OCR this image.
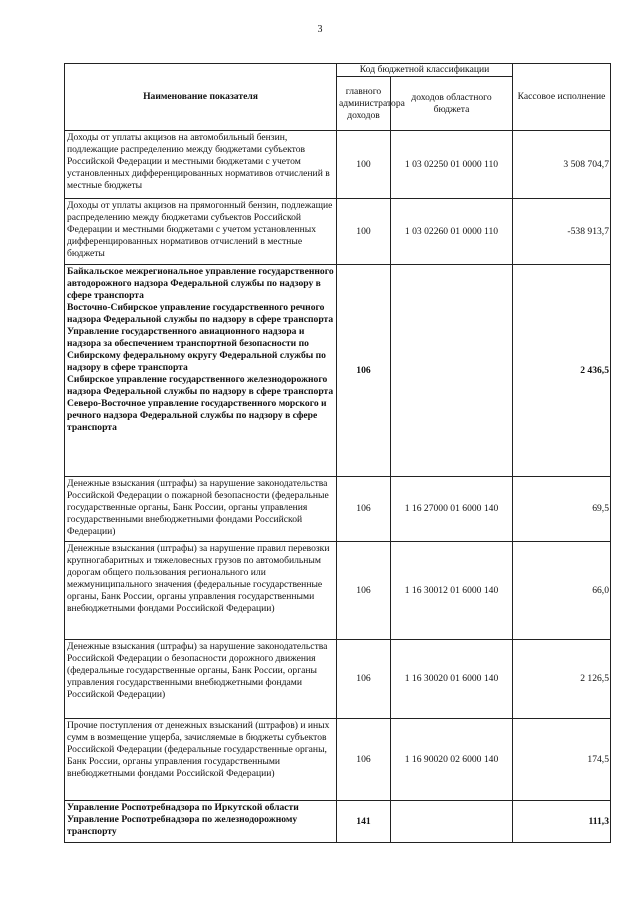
3
Наименование показателя	Код бюджетной классификации		Кассовое исполнение
	главного администратора доходов	доходов областного бюджета	
Доходы от уплаты акцизов на автомобильный бензин, подлежащие распределению между бюджетами субъектов Российской Федерации и местными бюджетами с учетом установленных дифференцированных нормативов отчислений в местные бюджеты	100	1 03 02250 01 0000 110	3 508 704,7
Доходы от уплаты акцизов на прямогонный бензин, подлежащие распределению между бюджетами субъектов Российской Федерации и местными бюджетами с учетом установленных дифференцированных нормативов отчислений в местные бюджеты	100	1 03 02260 01 0000 110	-538 913,7

Байкальское межрегиональное управление государственного автодорожного надзора Федеральной службы по надзору в сфере транспорта
Восточно-Сибирское управление государственного речного надзора Федеральной службы по надзору в сфере транспорта
Управление государственного авиационного надзора и надзора за обеспечением транспортной безопасности по Сибирскому федеральному округу Федеральной службы по надзору в сфере транспорта
Сибирское управление государственного железнодорожного надзора Федеральной службы по надзору в сфере транспорта
Северо-Восточное управление государственного морского и речного надзора Федеральной службы по надзору в сфере транспорта	106		2 436,5
Денежные взыскания (штрафы) за нарушение законодательства Российской Федерации о пожарной безопасности (федеральные государственные органы, Банк России, органы управления государственными внебюджетными фондами Российской Федерации)	106	1 16 27000 01 6000 140	69,5
Денежные взыскания (штрафы) за нарушение правил перевозки крупногабаритных и тяжеловесных грузов по автомобильным дорогам общего пользования регионального или межмуниципального значения (федеральные государственные органы, Банк России, органы управления государственными внебюджетными фондами Российской Федерации)	106	1 16 30012 01 6000 140	66,0
Денежные взыскания (штрафы) за нарушение законодательства Российской Федерации о безопасности дорожного движения (федеральные государственные органы, Банк России, органы управления государственными внебюджетными фондами Российской Федерации)	106	1 16 30020 01 6000 140	2 126,5
Прочие поступления от денежных взысканий (штрафов) и иных сумм в возмещение ущерба, зачисляемые в бюджеты субъектов Российской Федерации (федеральные государственные органы, Банк России, органы управления государственными внебюджетными фондами Российской Федерации)	106	1 16 90020 02 6000 140	174,5

Управление Роспотребнадзора по Иркутской области
Управление Роспотребнадзора по железнодорожному транспорту	141		111,3
